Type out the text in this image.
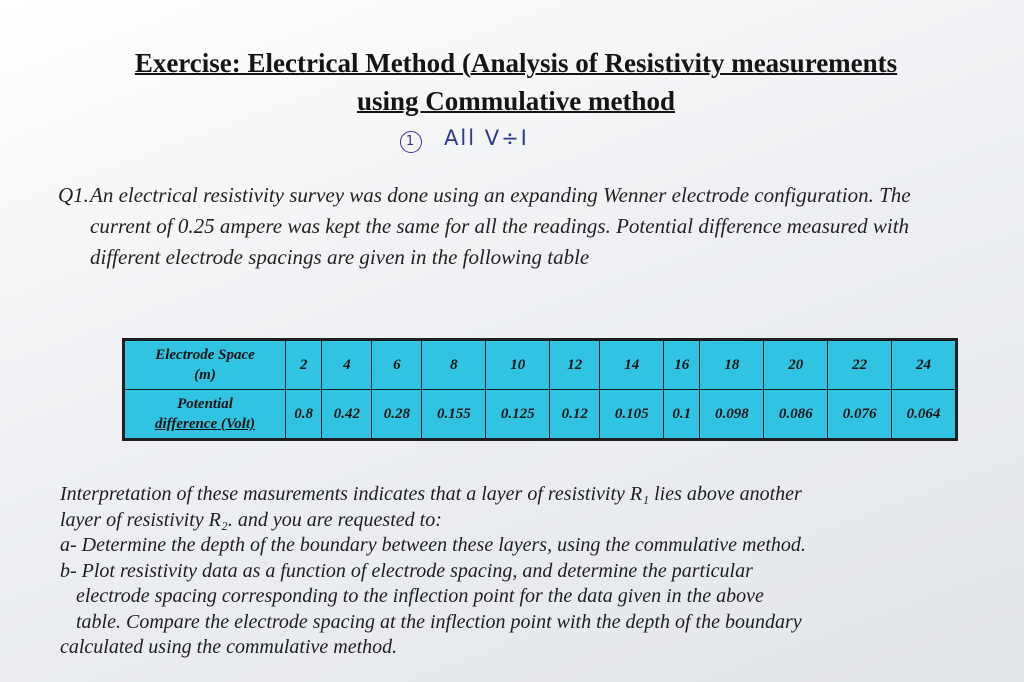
Exercise: Electrical Method (Analysis of Resistivity measurements
using Commulative method
1 All V÷I
Q1. An electrical resistivity survey was done using an expanding Wenner electrode configuration. The current of 0.25 ampere was kept the same for all the readings. Potential difference measured with different electrode spacings are given in the following table
Electrode Space
(m)	2	4	6	8	10	12	14	16	18	20	22	24

Potential
difference (Volt)	0.8	0.42	0.28	0.155	0.125	0.12	0.105	0.1	0.098	0.086	0.076	0.064

Interpretation of these masurements indicates that a layer of resistivity R₁ lies above another

layer of resistivity R₂. and you are requested to:

a- Determine the depth of the boundary between these layers, using the commulative method.

b- Plot resistivity data as a function of electrode spacing, and determine the particular

electrode spacing corresponding to the inflection point for the data given in the above

table. Compare the electrode spacing at the inflection point with the depth of the boundary

calculated using the commulative method.
